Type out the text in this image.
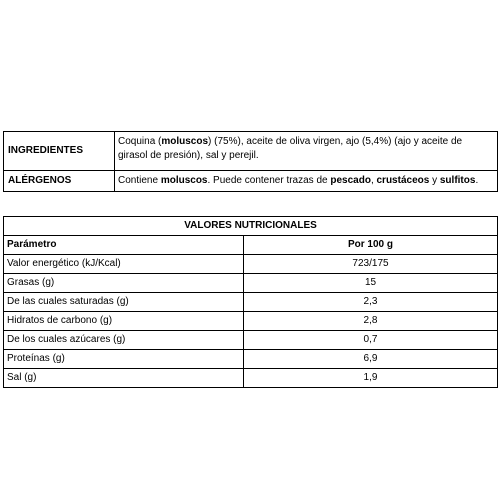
INGREDIENTES	Coquina (moluscos) (75%), aceite de oliva virgen, ajo (5,4%) (ajo y aceite de girasol de presión), sal y perejil.
ALÉRGENOS	Contiene moluscos. Puede contener trazas de pescado, crustáceos y sulfitos.
VALORES NUTRICIONALES	
Parámetro	Por 100 g
Valor energético (kJ/Kcal)	723/175
Grasas (g)	15
De las cuales saturadas (g)	2,3
Hidratos de carbono (g)	2,8
De los cuales azúcares (g)	0,7
Proteínas (g)	6,9
Sal (g)	1,9
